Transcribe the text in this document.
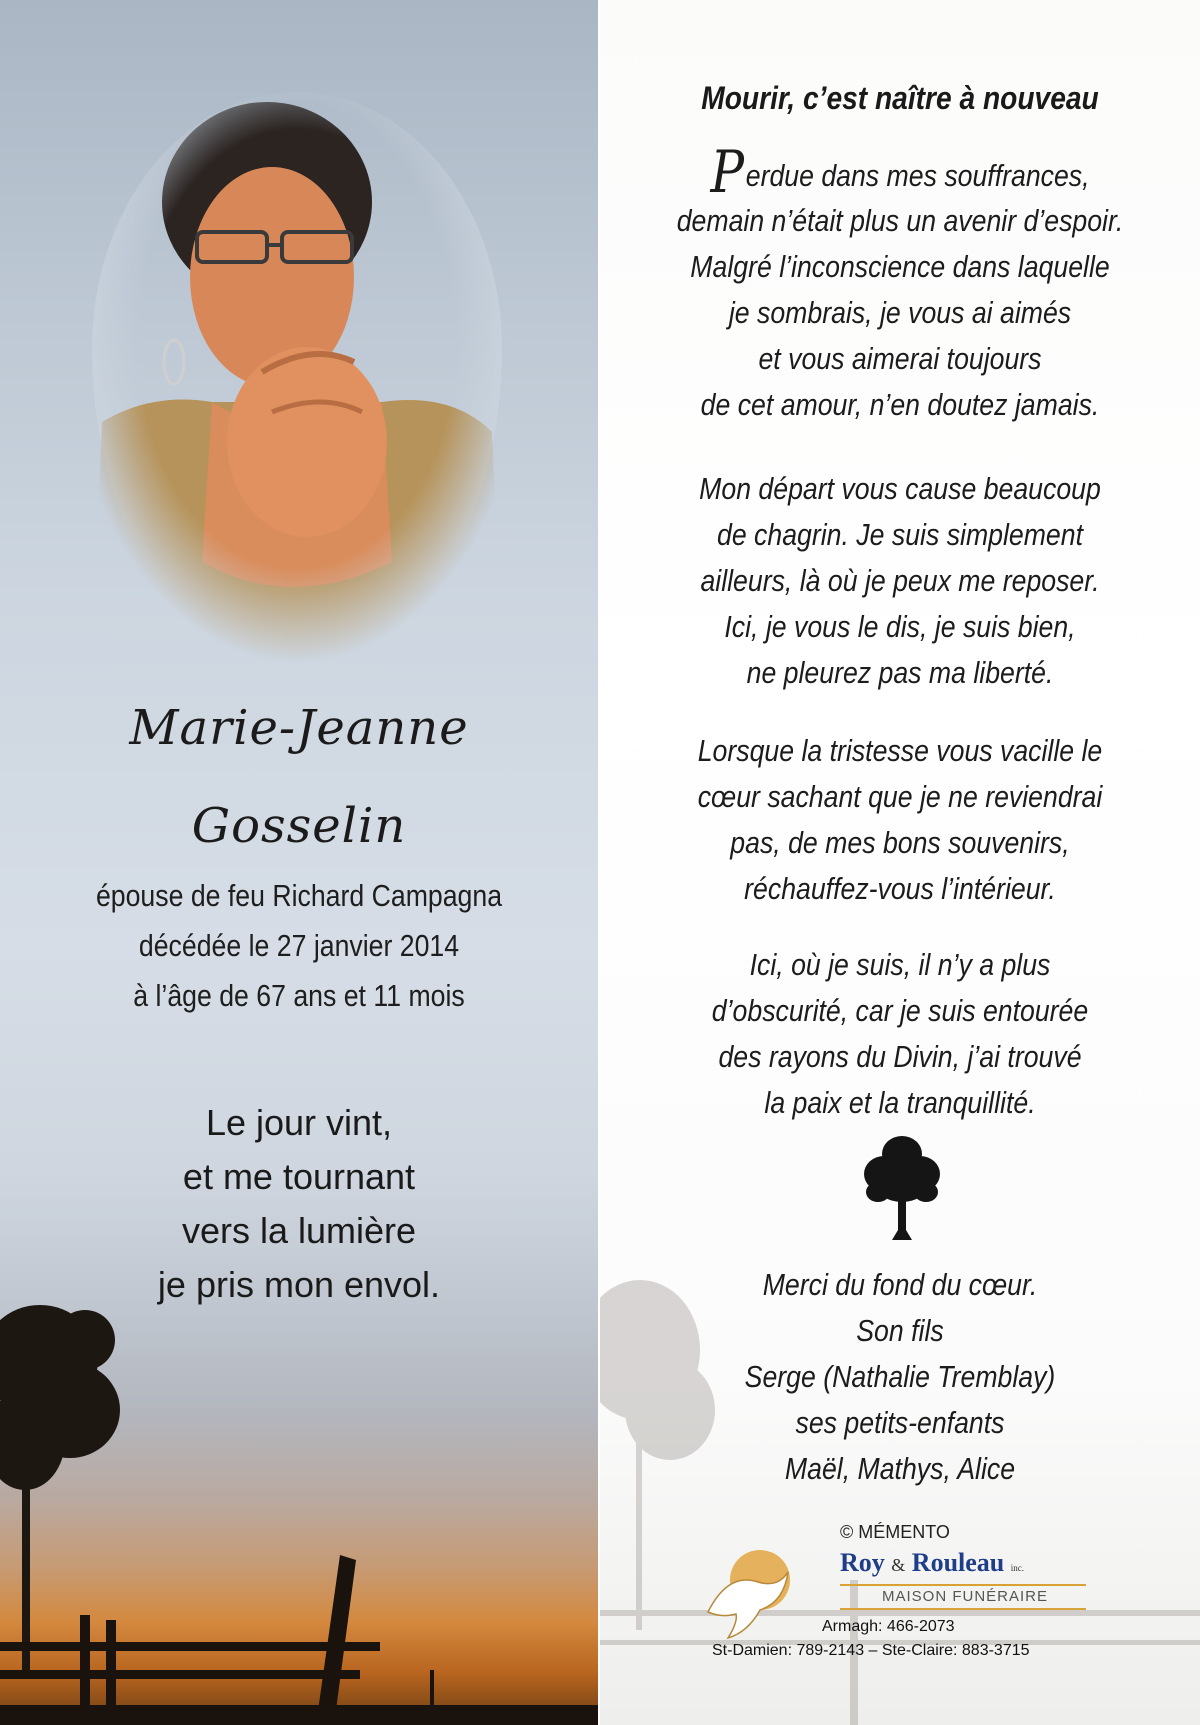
Marie-Jeanne
Gosselin
épouse de feu Richard Campagna
décédée le 27 janvier 2014
à l’âge de 67 ans et 11 mois
Le jour vint,
et me tournant
vers la lumière
je pris mon envol.
Mourir, c’est naître à nouveau
Perdue dans mes souffrances,
demain n’était plus un avenir d’espoir.
Malgré l’inconscience dans laquelle
je sombrais, je vous ai aimés
et vous aimerai toujours
de cet amour, n’en doutez jamais.
Mon départ vous cause beaucoup
de chagrin. Je suis simplement
ailleurs, là où je peux me reposer.
Ici, je vous le dis, je suis bien,
ne pleurez pas ma liberté.
Lorsque la tristesse vous vacille le
cœur sachant que je ne reviendrai
pas, de mes bons souvenirs,
réchauffez-vous l’intérieur.
Ici, où je suis, il n’y a plus
d’obscurité, car je suis entourée
des rayons du Divin, j’ai trouvé
la paix et la tranquillité.
Merci du fond du cœur.
Son fils
Serge (Nathalie Tremblay)
ses petits-enfants
Maël, Mathys, Alice
© MÉMENTO
Roy & Rouleau inc.
MAISON FUNÉRAIRE
Armagh: 466-2073
St-Damien: 789-2143 – Ste-Claire: 883-3715
